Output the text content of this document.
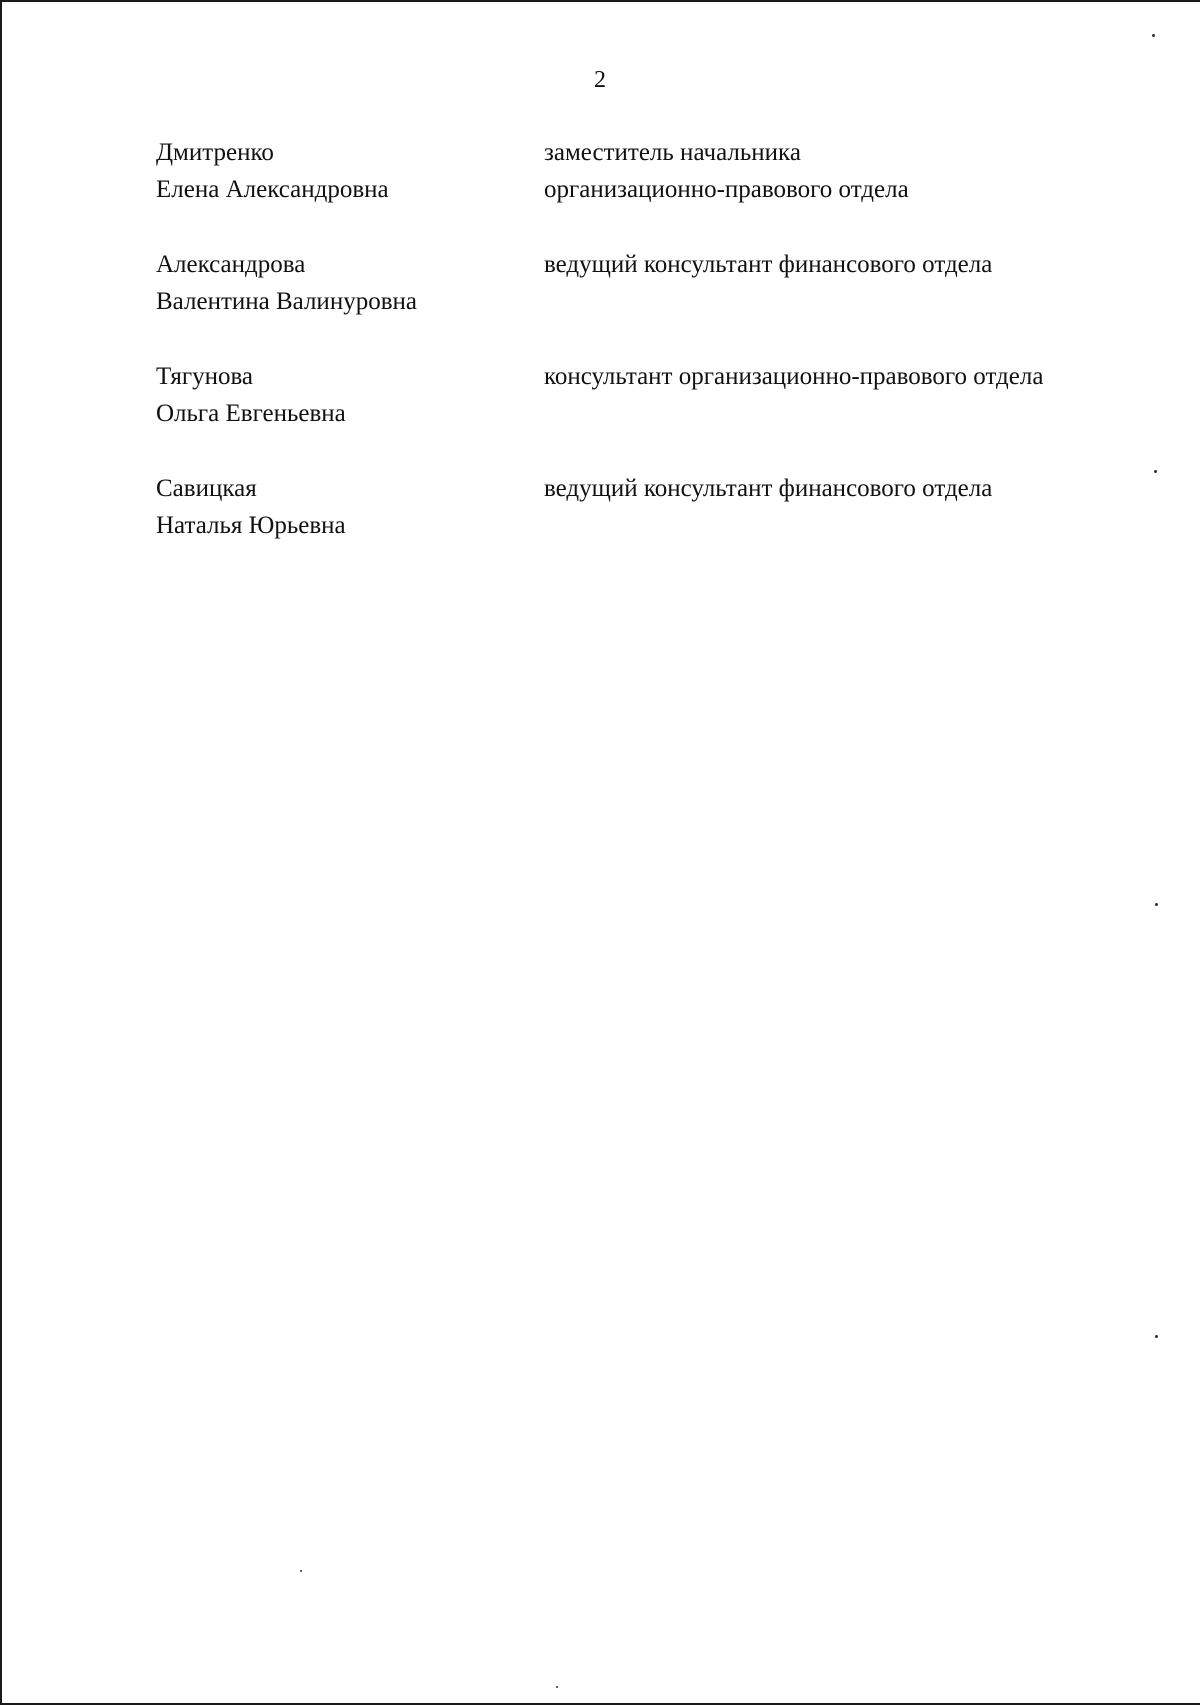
2
Дмитренко
Елена Александровна
заместитель начальника
организационно-правового отдела
Александрова
Валентина Валинуровна
ведущий консультант финансового отдела
Тягунова
Ольга Евгеньевна
консультант организационно-правового отдела
Савицкая
Наталья Юрьевна
ведущий консультант финансового отдела
